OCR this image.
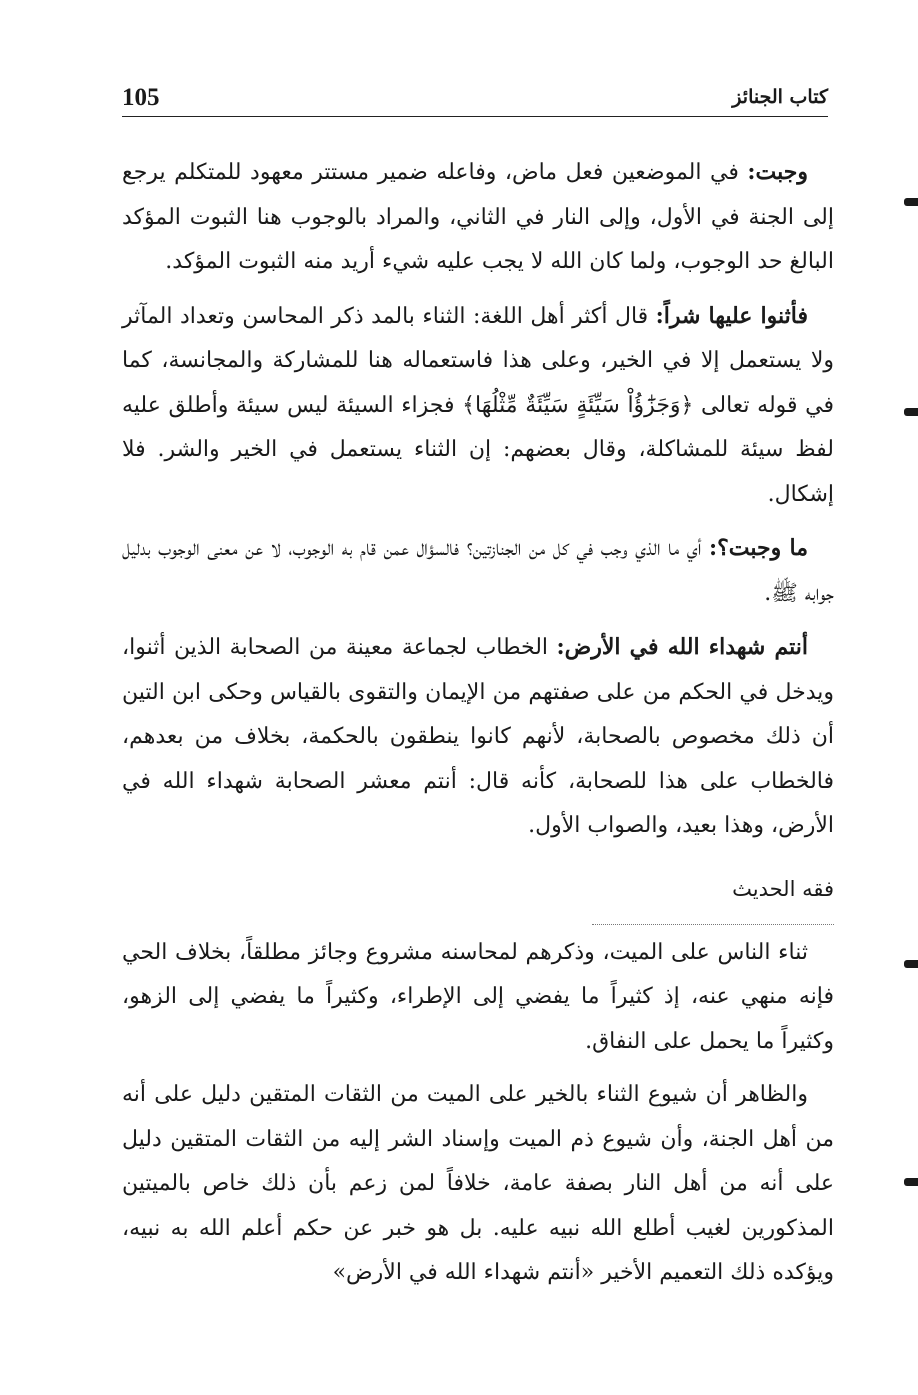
105	كتاب الجنائز

وجبت: في الموضعين فعل ماض، وفاعله ضمير مستتر معهود للمتكلم يرجع إلى الجنة في الأول، وإلى النار في الثاني، والمراد بالوجوب هنا الثبوت المؤكد البالغ حد الوجوب، ولما كان الله لا يجب عليه شيء أريد منه الثبوت المؤكد.

فأثنوا عليها شراً: قال أكثر أهل اللغة: الثناء بالمد ذكر المحاسن وتعداد المآثر ولا يستعمل إلا في الخير، وعلى هذا فاستعماله هنا للمشاركة والمجانسة، كما في قوله تعالى ﴿وَجَزَٰٓؤُاْ سَيِّئَةٍ سَيِّئَةٌ مِّثْلُهَا﴾ فجزاء السيئة ليس سيئة وأطلق عليه لفظ سيئة للمشاكلة، وقال بعضهم: إن الثناء يستعمل في الخير والشر. فلا إشكال.

ما وجبت؟: أي ما الذي وجب في كل من الجنازتين؟ فالسؤال عمن قام به الوجوب، لا عن معنى الوجوب بدليل جوابه ﷺ.

أنتم شهداء الله في الأرض: الخطاب لجماعة معينة من الصحابة الذين أثنوا، ويدخل في الحكم من على صفتهم من الإيمان والتقوى بالقياس وحكى ابن التين أن ذلك مخصوص بالصحابة، لأنهم كانوا ينطقون بالحكمة، بخلاف من بعدهم، فالخطاب على هذا للصحابة، كأنه قال: أنتم معشر الصحابة شهداء الله في الأرض، وهذا بعيد، والصواب الأول.

فقه الحديث

ثناء الناس على الميت، وذكرهم لمحاسنه مشروع وجائز مطلقاً، بخلاف الحي فإنه منهي عنه، إذ كثيراً ما يفضي إلى الإطراء، وكثيراً ما يفضي إلى الزهو، وكثيراً ما يحمل على النفاق.

والظاهر أن شيوع الثناء بالخير على الميت من الثقات المتقين دليل على أنه من أهل الجنة، وأن شيوع ذم الميت وإسناد الشر إليه من الثقات المتقين دليل على أنه من أهل النار بصفة عامة، خلافاً لمن زعم بأن ذلك خاص بالميتين المذكورين لغيب أطلع الله نبيه عليه. بل هو خبر عن حكم أعلم الله به نبيه، ويؤكده ذلك التعميم الأخير «أنتم شهداء الله في الأرض»
